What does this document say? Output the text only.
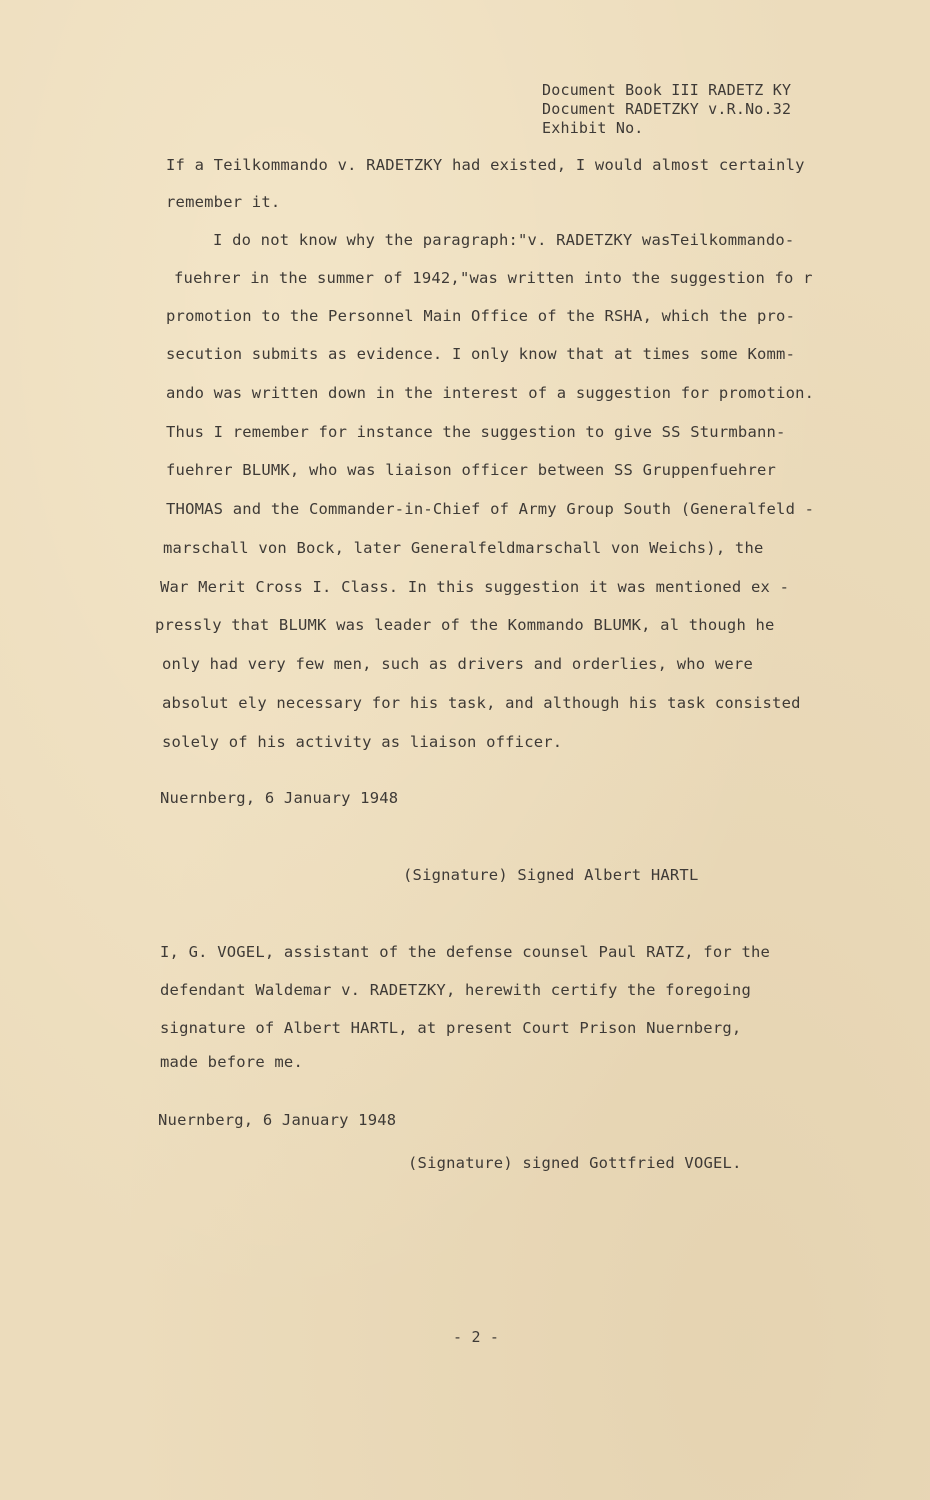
Document Book III RADETZ KY
Document RADETZKY v.R.No.32
Exhibit No.
If a Teilkommando v. RADETZKY had existed, I would almost certainly
remember it.
I do not know why the paragraph:"v. RADETZKY wasTeilkommando-
fuehrer in the summer of 1942,"was written into the suggestion fo r
promotion to the Personnel Main Office of the RSHA, which the pro-
secution submits as evidence. I only know that at times some Komm-
ando was written down in the interest of a suggestion for promotion.
Thus I remember for instance the suggestion to give SS Sturmbann-
fuehrer BLUMK, who was liaison officer between SS Gruppenfuehrer
THOMAS and the Commander-in-Chief of Army Group South (Generalfeld -
marschall von Bock, later Generalfeldmarschall von Weichs), the
War Merit Cross I. Class. In this suggestion it was mentioned ex -
pressly that BLUMK was leader of the Kommando BLUMK, al though he
only had very few men, such as drivers and orderlies, who were
absolut ely necessary for his task, and although his task consisted
solely of his activity as liaison officer.
Nuernberg, 6 January 1948
(Signature) Signed Albert HARTL
I, G. VOGEL, assistant of the defense counsel Paul RATZ, for the
defendant Waldemar v. RADETZKY, herewith certify the foregoing
signature of Albert HARTL, at present Court Prison Nuernberg,
made before me.
Nuernberg, 6 January 1948
(Signature) signed Gottfried VOGEL.
- 2 -
